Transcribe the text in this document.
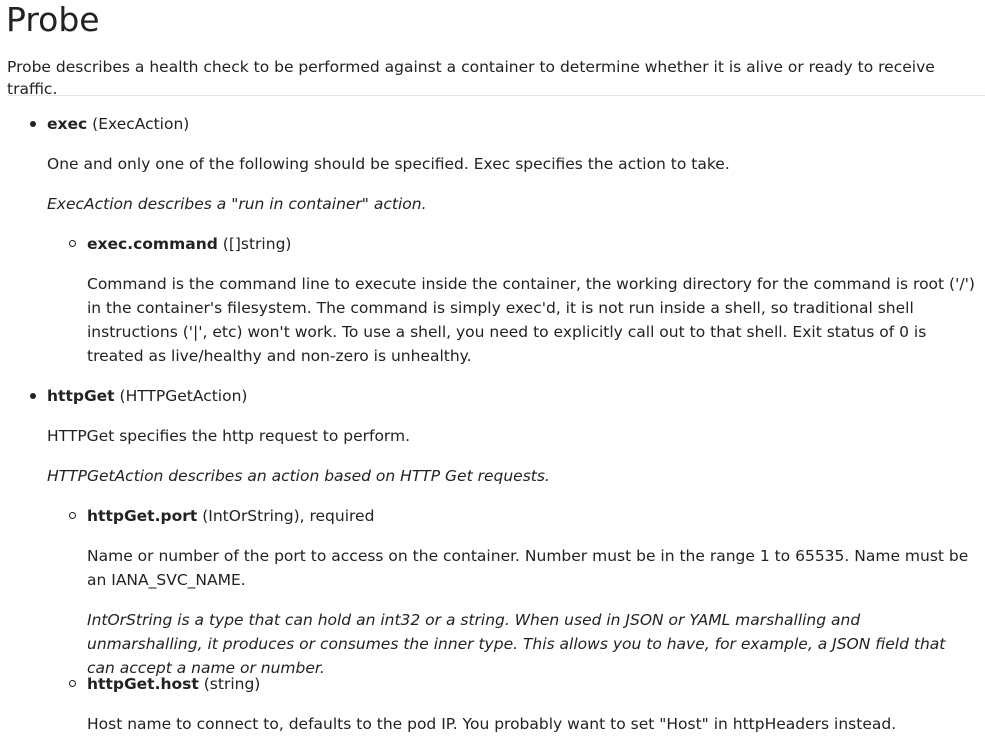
Probe

Probe describes a health check to be performed against a container to determine whether it is alive or ready to receive traffic.

exec (ExecAction)

One and only one of the following should be specified. Exec specifies the action to take.

ExecAction describes a "run in container" action.

exec.command ([]string)

Command is the command line to execute inside the container, the working directory for the command is root ('/') in the container's filesystem. The command is simply exec'd, it is not run inside a shell, so traditional shell instructions ('|', etc) won't work. To use a shell, you need to explicitly call out to that shell. Exit status of 0 is treated as live/healthy and non-zero is unhealthy.

httpGet (HTTPGetAction)

HTTPGet specifies the http request to perform.

HTTPGetAction describes an action based on HTTP Get requests.

httpGet.port (IntOrString), required

Name or number of the port to access on the container. Number must be in the range 1 to 65535. Name must be an IANA_SVC_NAME.

IntOrString is a type that can hold an int32 or a string. When used in JSON or YAML marshalling and unmarshalling, it produces or consumes the inner type. This allows you to have, for example, a JSON field that can accept a name or number.

httpGet.host (string)

Host name to connect to, defaults to the pod IP. You probably want to set "Host" in httpHeaders instead.
